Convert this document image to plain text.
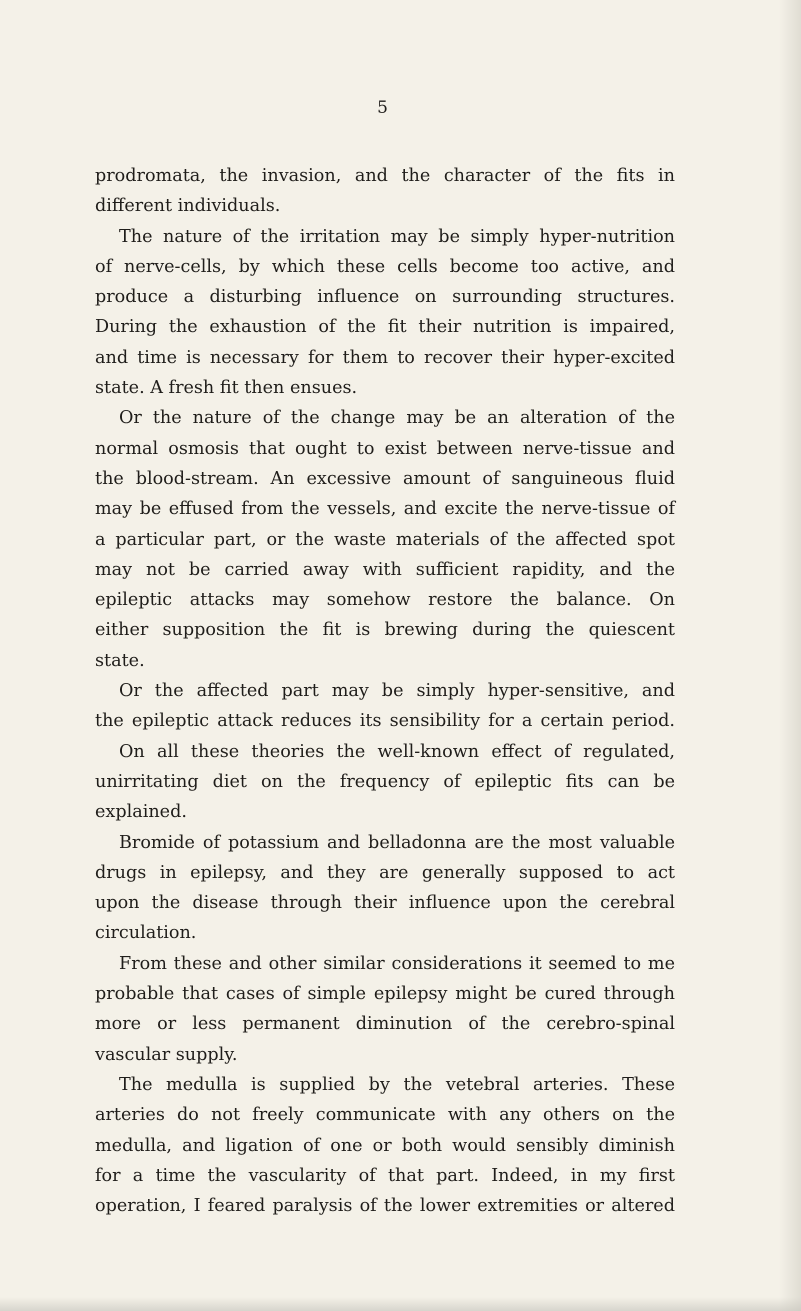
5
prodromata, the invasion, and the character of the fits in
different individuals.
The nature of the irritation may be simply hyper-nutrition
of nerve-cells, by which these cells become too active, and
produce a disturbing influence on surrounding structures.
During the exhaustion of the fit their nutrition is impaired,
and time is necessary for them to recover their hyper-excited
state. A fresh fit then ensues.
Or the nature of the change may be an alteration of the
normal osmosis that ought to exist between nerve-tissue and
the blood-stream. An excessive amount of sanguineous fluid
may be effused from the vessels, and excite the nerve-tissue of
a particular part, or the waste materials of the affected spot
may not be carried away with sufficient rapidity, and the
epileptic attacks may somehow restore the balance. On
either supposition the fit is brewing during the quiescent
state.
Or the affected part may be simply hyper-sensitive, and
the epileptic attack reduces its sensibility for a certain period.
On all these theories the well-known effect of regulated,
unirritating diet on the frequency of epileptic fits can be
explained.
Bromide of potassium and belladonna are the most valuable
drugs in epilepsy, and they are generally supposed to act
upon the disease through their influence upon the cerebral
circulation.
From these and other similar considerations it seemed to me
probable that cases of simple epilepsy might be cured through
more or less permanent diminution of the cerebro-spinal
vascular supply.
The medulla is supplied by the vetebral arteries. These
arteries do not freely communicate with any others on the
medulla, and ligation of one or both would sensibly diminish
for a time the vascularity of that part. Indeed, in my first
operation, I feared paralysis of the lower extremities or altered
